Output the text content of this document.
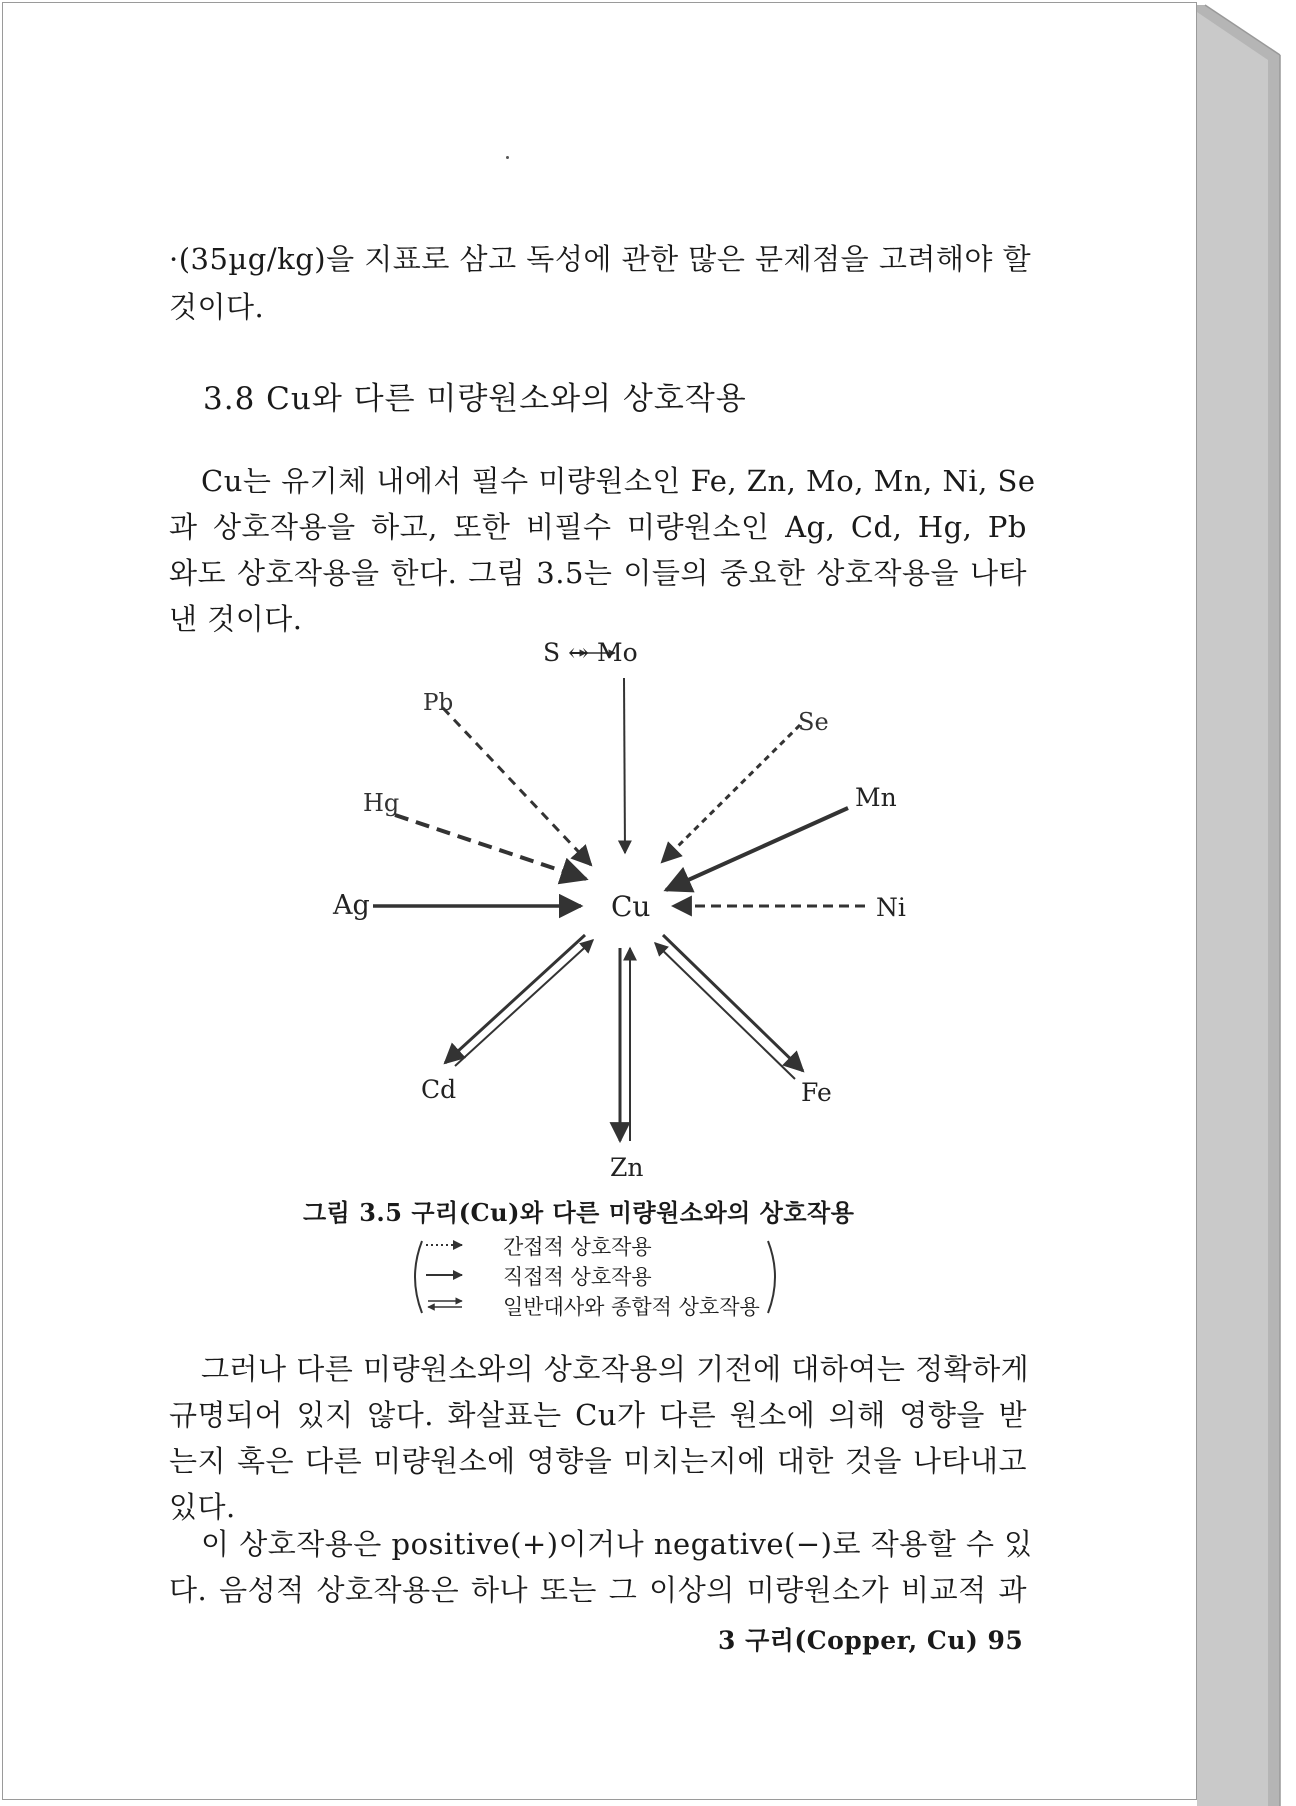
·(35µg/kg)을 지표로 삼고 독성에 관한 많은 문제점을 고려해야 할
것이다.
3.8 Cu와 다른 미량원소와의 상호작용
Cu는 유기체 내에서 필수 미량원소인 Fe, Zn, Mo, Mn, Ni, Se
과 상호작용을 하고, 또한 비필수 미량원소인 Ag, Cd, Hg, Pb
와도 상호작용을 한다. 그림 3.5는 이들의 중요한 상호작용을 나타
낸 것이다.
S ↔ Mo
Pb
Se
Hg	Mn
Ag	Cu	Ni
Cd
Zn
Fe
그림 3.5 구리(Cu)와 다른 미량원소와의 상호작용
간접적 상호작용
직접적 상호작용
일반대사와 종합적 상호작용
그러나 다른 미량원소와의 상호작용의 기전에 대하여는 정확하게
규명되어 있지 않다. 화살표는 Cu가 다른 원소에 의해 영향을 받
는지 혹은 다른 미량원소에 영향을 미치는지에 대한 것을 나타내고
있다.
이 상호작용은 positive(+)이거나 negative(−)로 작용할 수 있
다. 음성적 상호작용은 하나 또는 그 이상의 미량원소가 비교적 과
3 구리(Copper, Cu) 95
